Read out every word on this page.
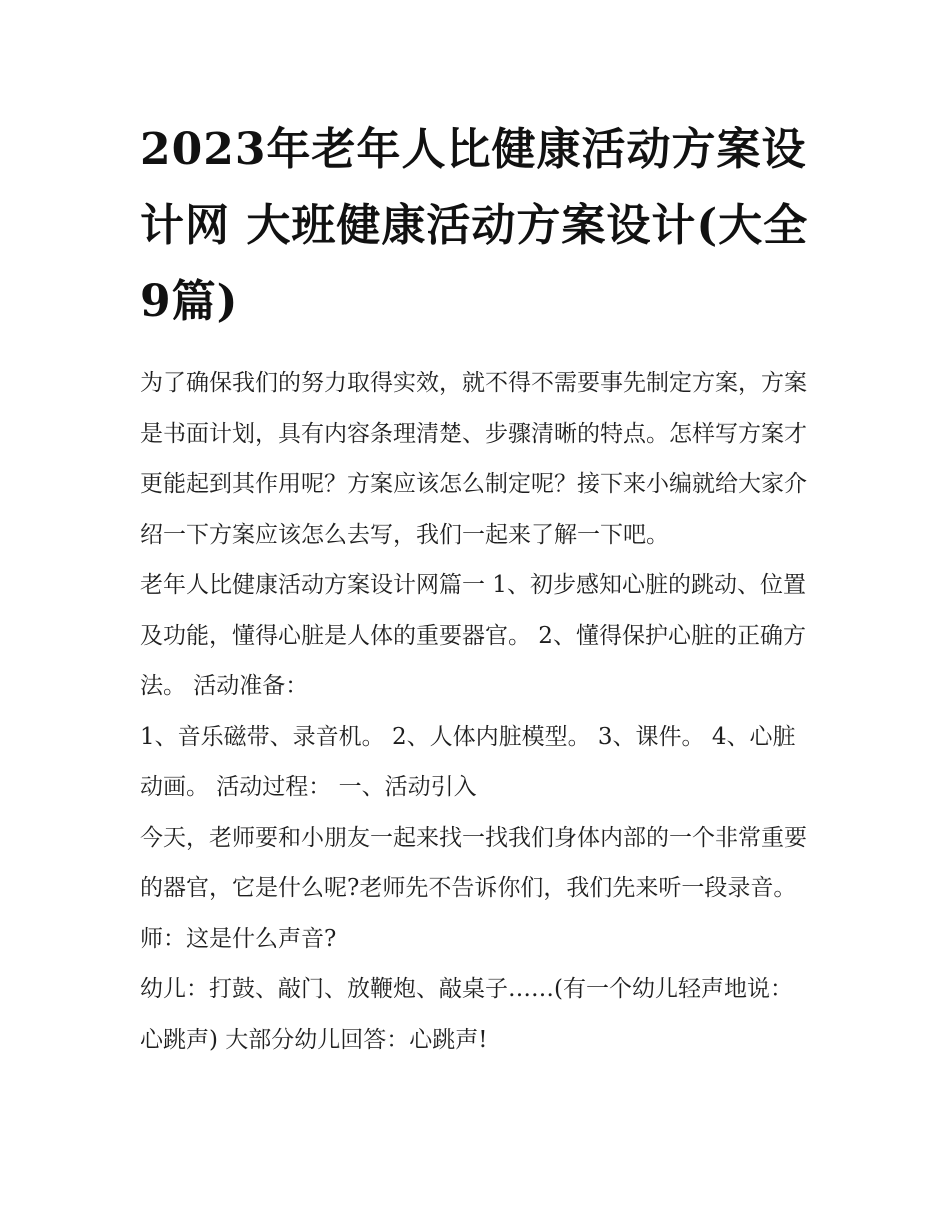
2023年老年人比健康活动方案设计网 大班健康活动方案设计(大全9篇)

为了确保我们的努力取得实效，就不得不需要事先制定方案，方案是书面计划，具有内容条理清楚、步骤清晰的特点。怎样写方案才更能起到其作用呢？方案应该怎么制定呢？接下来小编就给大家介绍一下方案应该怎么去写，我们一起来了解一下吧。

老年人比健康活动方案设计网篇一 1、初步感知心脏的跳动、位置及功能，懂得心脏是人体的重要器官。 2、懂得保护心脏的正确方法。 活动准备：

1、音乐磁带、录音机。 2、人体内脏模型。 3、课件。 4、心脏动画。 活动过程： 一、活动引入

今天，老师要和小朋友一起来找一找我们身体内部的一个非常重要的器官，它是什么呢?老师先不告诉你们，我们先来听一段录音。 师：这是什么声音?

幼儿：打鼓、敲门、放鞭炮、敲桌子……(有一个幼儿轻声地说：心跳声) 大部分幼儿回答：心跳声!
